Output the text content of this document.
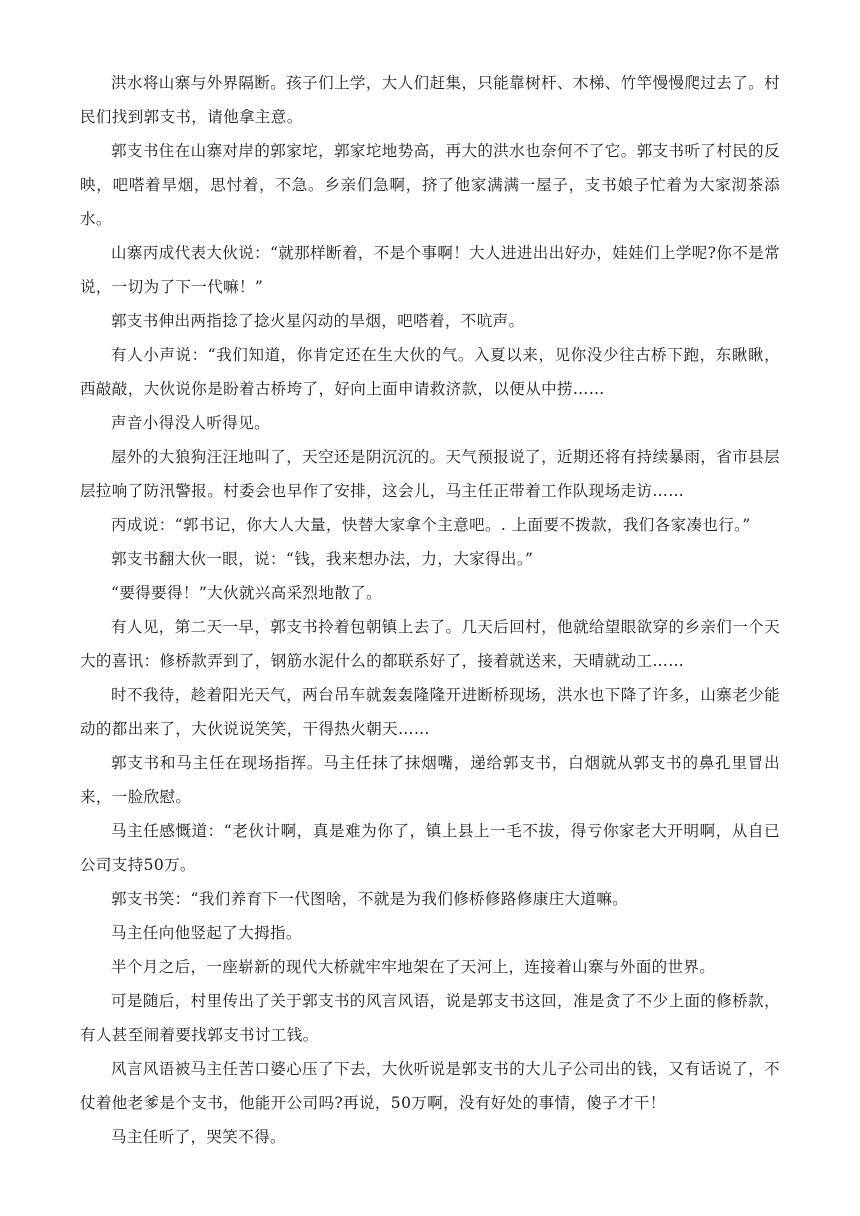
洪水将山寨与外界隔断。孩子们上学，大人们赶集，只能靠树杆、木梯、竹竿慢慢爬过去了。村民们找到郭支书，请他拿主意。

郭支书住在山寨对岸的郭家坨，郭家坨地势高，再大的洪水也奈何不了它。郭支书听了村民的反映，吧嗒着旱烟，思忖着，不急。乡亲们急啊，挤了他家满满一屋子，支书娘子忙着为大家沏茶添水。

山寨丙成代表大伙说：“就那样断着，不是个事啊！大人进进出出好办，娃娃们上学呢?你不是常说，一切为了下一代嘛！”

郭支书伸出两指捻了捻火星闪动的旱烟，吧嗒着，不吭声。

有人小声说：“我们知道，你肯定还在生大伙的气。入夏以来，见你没少往古桥下跑，东瞅瞅，西敲敲，大伙说你是盼着古桥垮了，好向上面申请救济款，以便从中捞……

声音小得没人听得见。

屋外的大狼狗汪汪地叫了，天空还是阴沉沉的。天气预报说了，近期还将有持续暴雨，省市县层层拉响了防汛警报。村委会也早作了安排，这会儿，马主任正带着工作队现场走访……

丙成说：“郭书记，你大人大量，快替大家拿个主意吧。. 上面要不拨款，我们各家凑也行。”

郭支书翻大伙一眼，说：“钱，我来想办法，力，大家得出。”

“要得要得！”大伙就兴高采烈地散了。

有人见，第二天一早，郭支书拎着包朝镇上去了。几天后回村，他就给望眼欲穿的乡亲们一个天大的喜讯：修桥款弄到了，钢筋水泥什么的都联系好了，接着就送来，天晴就动工……

时不我待，趁着阳光天气，两台吊车就轰轰隆隆开进断桥现场，洪水也下降了许多，山寨老少能动的都出来了，大伙说说笑笑，干得热火朝天……

郭支书和马主任在现场指挥。马主任抹了抹烟嘴，递给郭支书，白烟就从郭支书的鼻孔里冒出来，一脸欣慰。

马主任感慨道：“老伙计啊，真是难为你了，镇上县上一毛不拔，得亏你家老大开明啊，从自已公司支持50万。

郭支书笑：“我们养育下一代图啥，不就是为我们修桥修路修康庄大道嘛。

马主任向他竖起了大拇指。

半个月之后，一座崭新的现代大桥就牢牢地架在了天河上，连接着山寨与外面的世界。

可是随后，村里传出了关于郭支书的风言风语，说是郭支书这回，准是贪了不少上面的修桥款，有人甚至闹着要找郭支书讨工钱。

风言风语被马主任苦口婆心压了下去，大伙听说是郭支书的大儿子公司出的钱，又有话说了，不仗着他老爹是个支书，他能开公司吗?再说，50万啊，没有好处的事情，傻子才干！

马主任听了，哭笑不得。
